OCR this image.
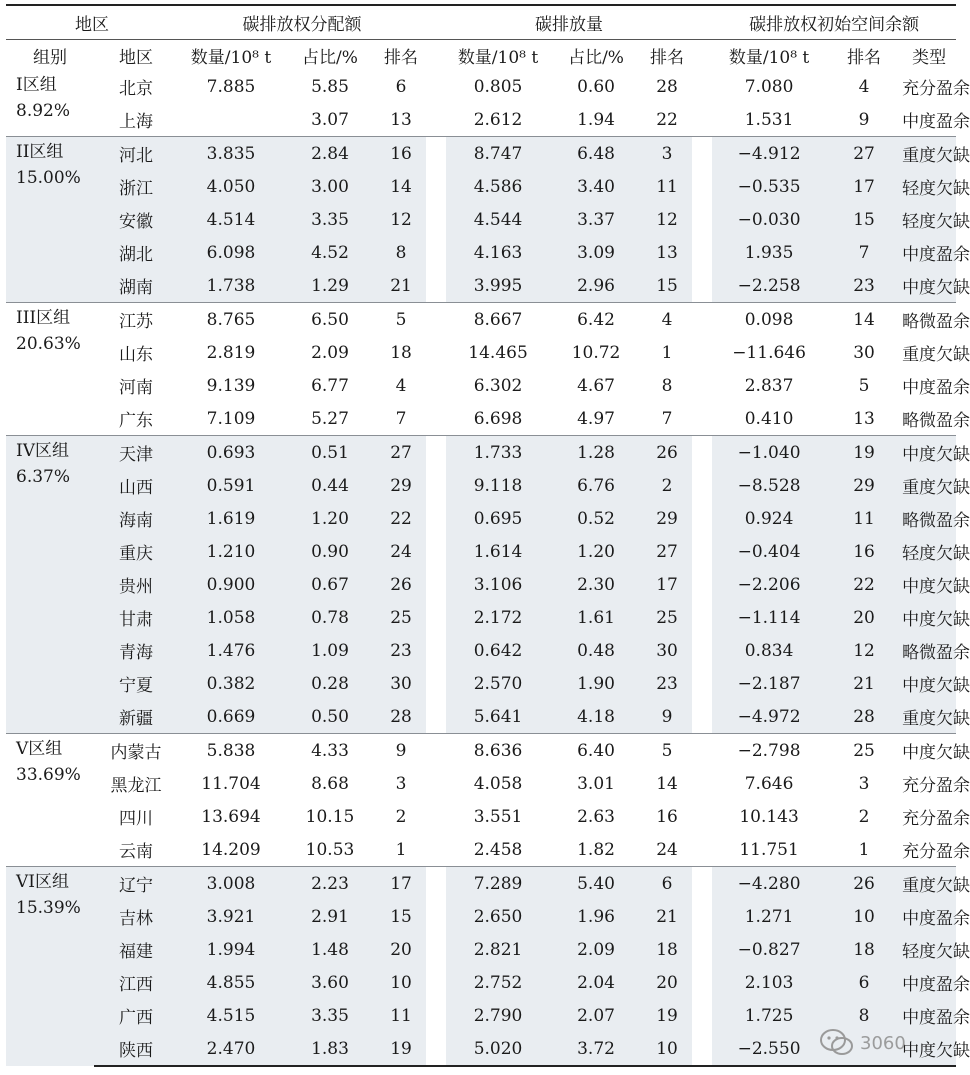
地区		碳排放权分配额				碳排放量				碳排放权初始空间余额		
组别	地区	数量/10⁸ t	占比/%	排名		数量/10⁸ t	占比/%	排名		数量/10⁸ t	排名	类型

I区组
8.92%	北京	7.885	5.85	6		0.805	0.60	28		7.080	4	充分盈余
	上海		3.07	13		2.612	1.94	22		1.531	9	中度盈余

II区组
15.00%	河北	3.835	2.84	16		8.747	6.48	3		−4.912	27	重度欠缺
	浙江	4.050	3.00	14		4.586	3.40	11		−0.535	17	轻度欠缺
	安徽	4.514	3.35	12		4.544	3.37	12		−0.030	15	轻度欠缺
	湖北	6.098	4.52	8		4.163	3.09	13		1.935	7	中度盈余
	湖南	1.738	1.29	21		3.995	2.96	15		−2.258	23	中度欠缺

III区组
20.63%	江苏	8.765	6.50	5		8.667	6.42	4		0.098	14	略微盈余
	山东	2.819	2.09	18		14.465	10.72	1		−11.646	30	重度欠缺
	河南	9.139	6.77	4		6.302	4.67	8		2.837	5	中度盈余
	广东	7.109	5.27	7		6.698	4.97	7		0.410	13	略微盈余

IV区组
6.37%	天津	0.693	0.51	27		1.733	1.28	26		−1.040	19	中度欠缺
	山西	0.591	0.44	29		9.118	6.76	2		−8.528	29	重度欠缺
	海南	1.619	1.20	22		0.695	0.52	29		0.924	11	略微盈余
	重庆	1.210	0.90	24		1.614	1.20	27		−0.404	16	轻度欠缺
	贵州	0.900	0.67	26		3.106	2.30	17		−2.206	22	中度欠缺
	甘肃	1.058	0.78	25		2.172	1.61	25		−1.114	20	中度欠缺
	青海	1.476	1.09	23		0.642	0.48	30		0.834	12	略微盈余
	宁夏	0.382	0.28	30		2.570	1.90	23		−2.187	21	中度欠缺
	新疆	0.669	0.50	28		5.641	4.18	9		−4.972	28	重度欠缺

V区组
33.69%	内蒙古	5.838	4.33	9		8.636	6.40	5		−2.798	25	中度欠缺
	黑龙江	11.704	8.68	3		4.058	3.01	14		7.646	3	充分盈余
	四川	13.694	10.15	2		3.551	2.63	16		10.143	2	充分盈余
	云南	14.209	10.53	1		2.458	1.82	24		11.751	1	充分盈余

VI区组
15.39%	辽宁	3.008	2.23	17		7.289	5.40	6		−4.280	26	重度欠缺
	吉林	3.921	2.91	15		2.650	1.96	21		1.271	10	中度盈余
	福建	1.994	1.48	20		2.821	2.09	18		−0.827	18	轻度欠缺
	江西	4.855	3.60	10		2.752	2.04	20		2.103	6	中度盈余
	广西	4.515	3.35	11		2.790	2.07	19		1.725	8	中度盈余
	陕西	2.470	1.83	19		5.020	3.72	10		−2.550		中度欠缺
3060
